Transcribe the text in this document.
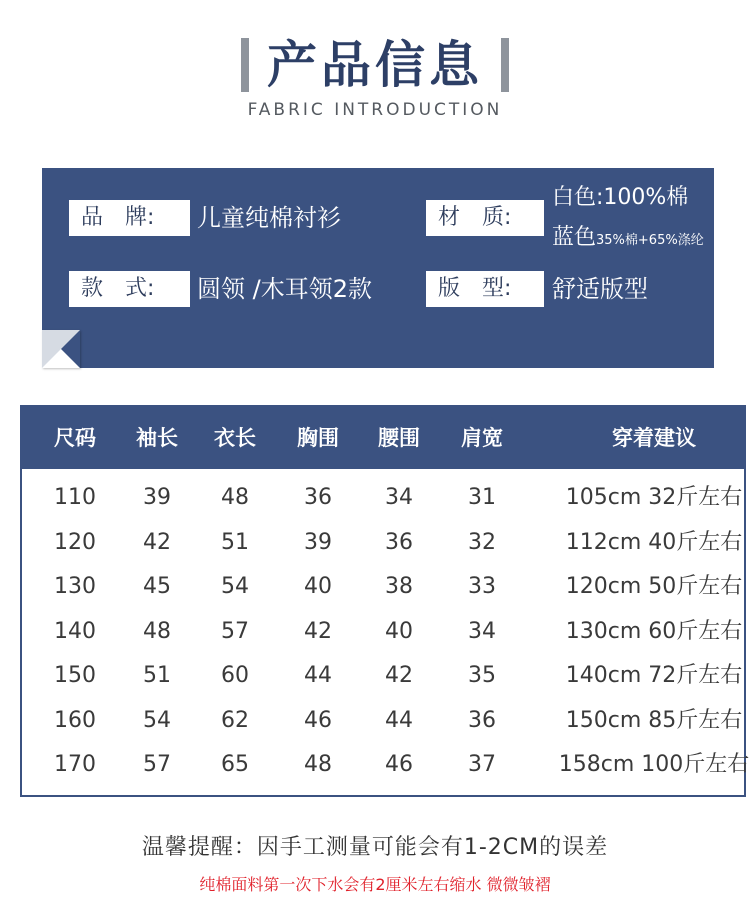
产品信息
FABRIC INTRODUCTION
品　牌:	儿童纯棉衬衫	材　质:
白色:100%棉
蓝色35%棉+65%涤纶
款　式:	圆领 /木耳领2款	版　型:	舒适版型
尺码	袖长	衣长	胸围	腰围	肩宽	穿着建议
110	39	48	36	34	31	105cm 32斤左右
120	42	51	39	36	32	112cm 40斤左右
130	45	54	40	38	33	120cm 50斤左右
140	48	57	42	40	34	130cm 60斤左右
150	51	60	44	42	35	140cm 72斤左右
160	54	62	46	44	36	150cm 85斤左右
170	57	65	48	46	37	158cm 100斤左右
温馨提醒：因手工测量可能会有1-2CM的误差
纯棉面料第一次下水会有2厘米左右缩水 微微皱褶
